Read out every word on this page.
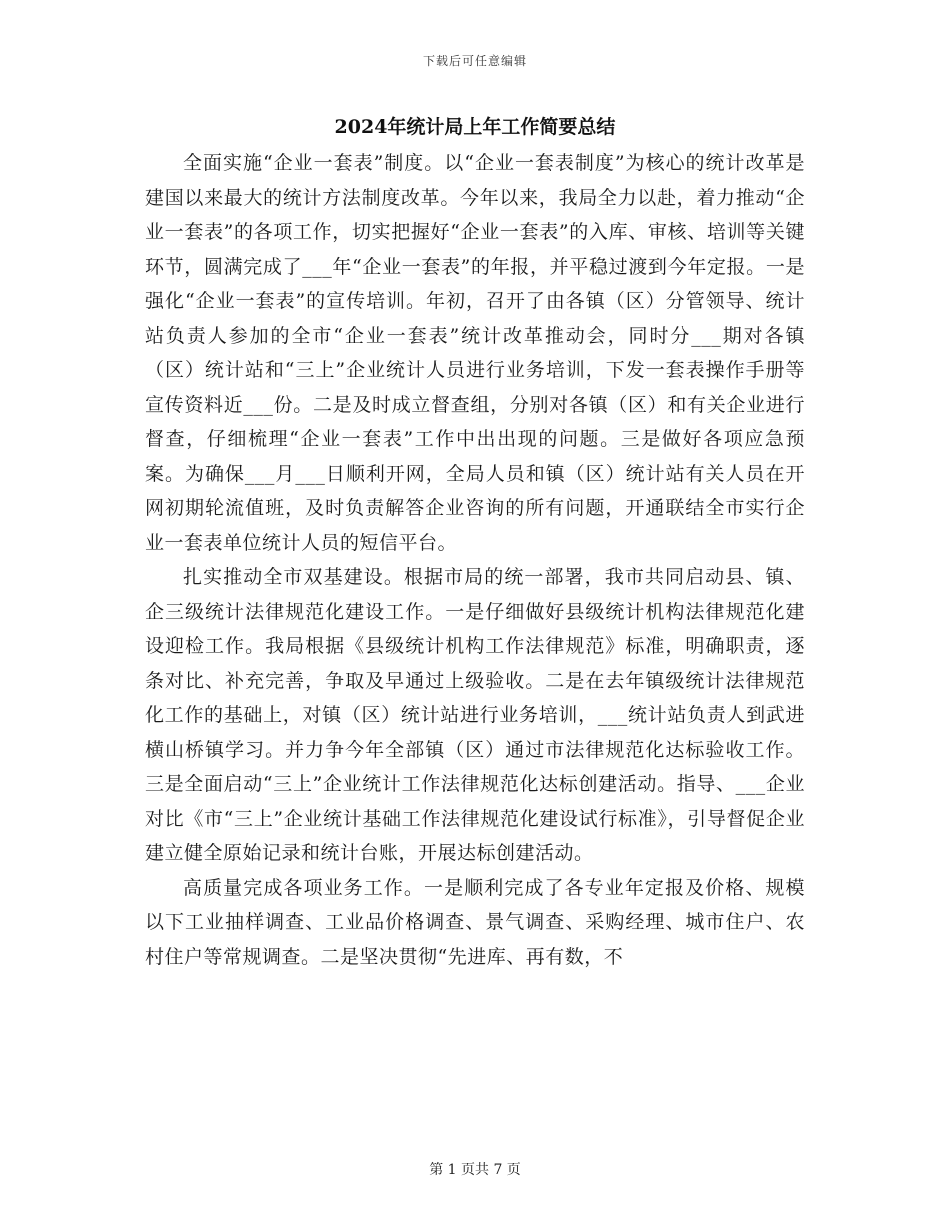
下载后可任意编辑
2024年统计局上年工作简要总结

全面实施“企业一套表”制度。以“企业一套表制度”为核心的统计改革是建国以来最大的统计方法制度改革。今年以来，我局全力以赴，着力推动“企业一套表”的各项工作，切实把握好“企业一套表”的入库、审核、培训等关键环节，圆满完成了___年“企业一套表”的年报，并平稳过渡到今年定报。一是强化“企业一套表”的宣传培训。年初，召开了由各镇（区）分管领导、统计站负责人参加的全市“企业一套表”统计改革推动会，同时分___期对各镇（区）统计站和“三上”企业统计人员进行业务培训，下发一套表操作手册等宣传资料近___份。二是及时成立督查组，分别对各镇（区）和有关企业进行督查，仔细梳理“企业一套表”工作中出出现的问题。三是做好各项应急预案。为确保___月___日顺利开网，全局人员和镇（区）统计站有关人员在开网初期轮流值班，及时负责解答企业咨询的所有问题，开通联结全市实行企业一套表单位统计人员的短信平台。

扎实推动全市双基建设。根据市局的统一部署，我市共同启动县、镇、企三级统计法律规范化建设工作。一是仔细做好县级统计机构法律规范化建设迎检工作。我局根据《县级统计机构工作法律规范》标准，明确职责，逐条对比、补充完善，争取及早通过上级验收。二是在去年镇级统计法律规范化工作的基础上，对镇（区）统计站进行业务培训，___统计站负责人到武进横山桥镇学习。并力争今年全部镇（区）通过市法律规范化达标验收工作。三是全面启动“三上”企业统计工作法律规范化达标创建活动。指导、___企业对比《市“三上”企业统计基础工作法律规范化建设试行标准》，引导督促企业建立健全原始记录和统计台账，开展达标创建活动。

高质量完成各项业务工作。一是顺利完成了各专业年定报及价格、规模以下工业抽样调查、工业品价格调查、景气调查、采购经理、城市住户、农村住户等常规调查。二是坚决贯彻“先进库、再有数，不

第 1 页共 7 页
